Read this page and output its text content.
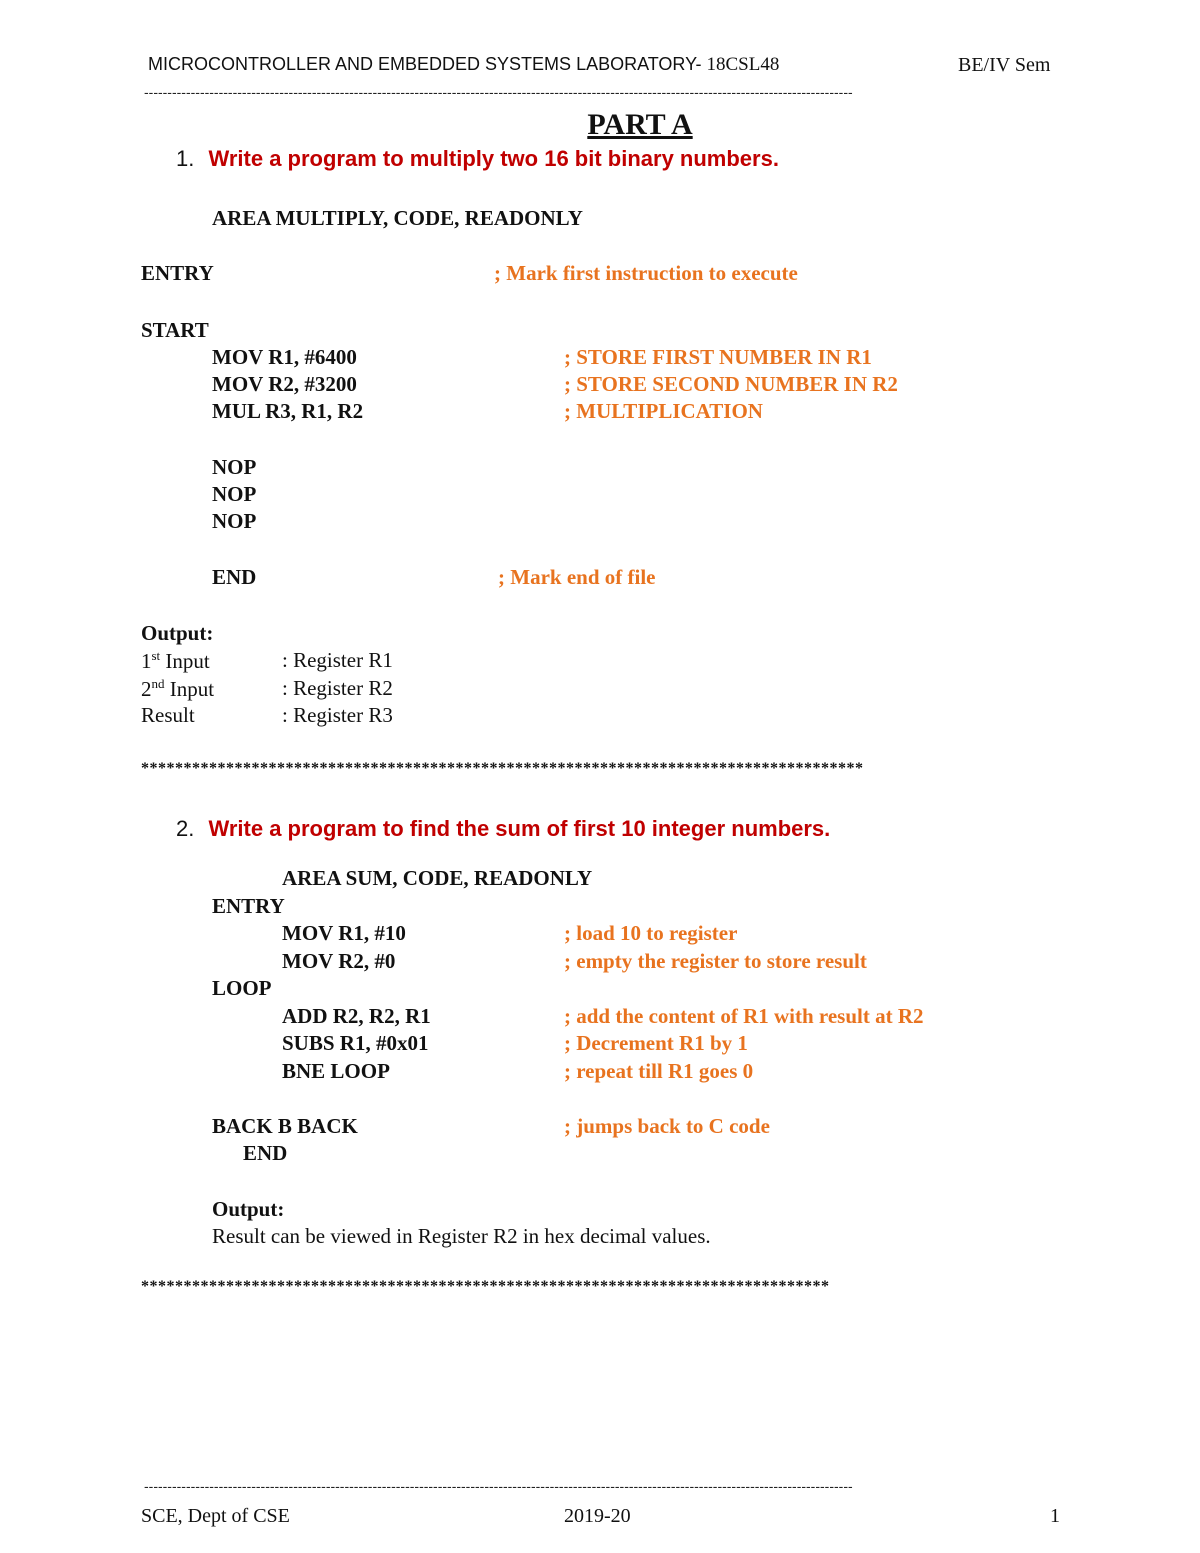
MICROCONTROLLER AND EMBEDDED SYSTEMS LABORATORY- 18CSL48	BE/IV Sem
--------------------------------------------------------------------------------------------------------------------------------------------------------
PART A
1. Write a program to multiply two 16 bit binary numbers.
AREA MULTIPLY, CODE, READONLY
ENTRY	; Mark first instruction to execute
START
MOV R1, #6400	; STORE FIRST NUMBER IN R1
MOV R2, #3200	; STORE SECOND NUMBER IN R2
MUL R3, R1, R2	; MULTIPLICATION
NOP
NOP
NOP
END	; Mark end of file
Output:
1st Input	: Register R1
2nd Input	: Register R2
Result	: Register R3
*************************************************************************************
2. Write a program to find the sum of first 10 integer numbers.
AREA SUM, CODE, READONLY
ENTRY
MOV R1, #10	; load 10 to register
MOV R2, #0	; empty the register to store result
LOOP
ADD R2, R2, R1	; add the content of R1 with result at R2
SUBS R1, #0x01	; Decrement R1 by 1
BNE LOOP	; repeat till R1 goes 0
BACK B BACK	; jumps back to C code
END
Output:
Result can be viewed in Register R2 in hex decimal values.
*********************************************************************************
--------------------------------------------------------------------------------------------------------------------------------------------------------
SCE, Dept of CSE	2019-20	1
